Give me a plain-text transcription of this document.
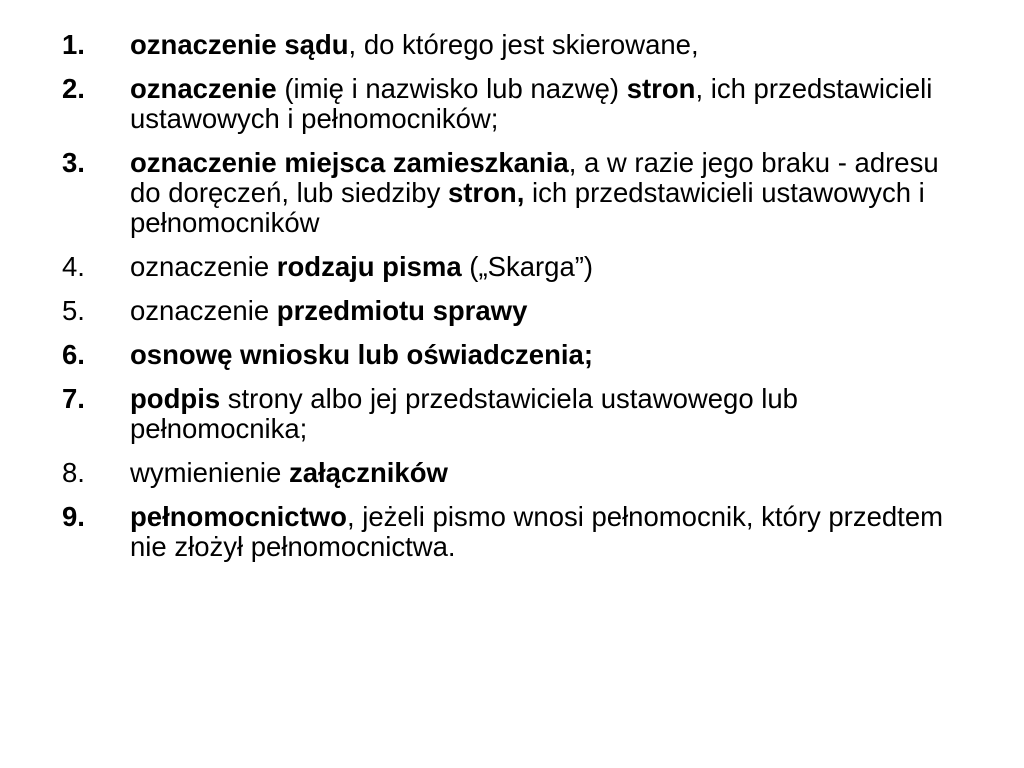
1.	oznaczenie sądu, do którego jest skierowane,
2.	oznaczenie (imię i nazwisko lub nazwę) stron, ich przedstawicieli
ustawowych i pełnomocników;
3.	oznaczenie miejsca zamieszkania, a w razie jego braku - adresu do doręczeń, lub siedziby stron, ich przedstawicieli ustawowych i pełnomocników
4.	oznaczenie rodzaju pisma („Skarga”)
5.	oznaczenie przedmiotu sprawy
6.	osnowę wniosku lub oświadczenia;
7.	podpis strony albo jej przedstawiciela ustawowego lub pełnomocnika;
8.	wymienienie załączników
9.	pełnomocnictwo, jeżeli pismo wnosi pełnomocnik, który przedtem nie złożył pełnomocnictwa.
